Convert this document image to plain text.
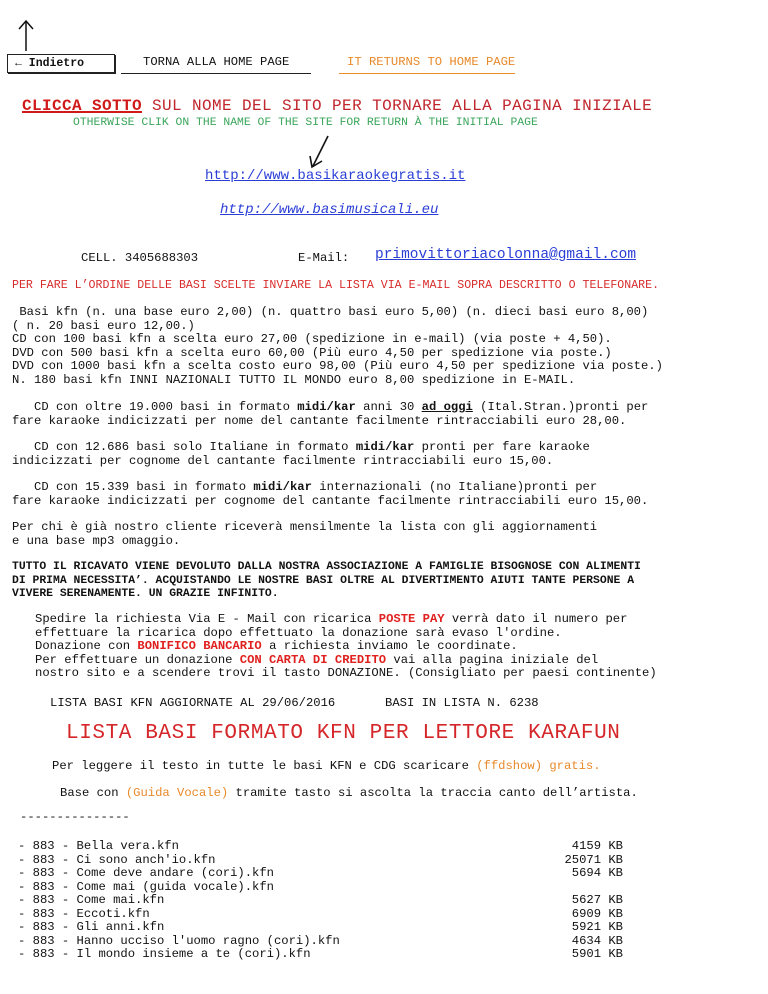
← Indietro	TORNA ALLA HOME PAGE	IT RETURNS TO HOME PAGE
CLICCA SOTTO SUL NOME DEL SITO PER TORNARE ALLA PAGINA INIZIALE
OTHERWISE CLIK ON THE NAME OF THE SITE FOR RETURN À THE INITIAL PAGE
http://www.basikaraokegratis.it
http://www.basimusicali.eu
CELL. 3405688303	E-Mail: primovittoriacolonna@gmail.com
PER FARE L’ORDINE DELLE BASI SCELTE INVIARE LA LISTA VIA E-MAIL SOPRA DESCRITTO O TELEFONARE.
Basi kfn (n. una base euro 2,00) (n. quattro basi euro 5,00) (n. dieci basi euro 8,00)
( n. 20 basi euro 12,00.)
CD con 100 basi kfn a scelta euro 27,00 (spedizione in e-mail) (via poste + 4,50).
DVD con 500 basi kfn a scelta euro 60,00 (Più euro 4,50 per spedizione via poste.)
DVD con 1000 basi kfn a scelta costo euro 98,00 (Più euro 4,50 per spedizione via poste.)
N. 180 basi kfn INNI NAZIONALI TUTTO IL MONDO euro 8,00 spedizione in E-MAIL.
CD con oltre 19.000 basi in formato midi/kar anni 30 ad oggi (Ital.Stran.)pronti per
fare karaoke indicizzati per nome del cantante facilmente rintracciabili euro 28,00.
CD con 12.686 basi solo Italiane in formato midi/kar pronti per fare karaoke
indicizzati per cognome del cantante facilmente rintracciabili euro 15,00.
CD con 15.339 basi in formato midi/kar internazionali (no Italiane)pronti per
fare karaoke indicizzati per cognome del cantante facilmente rintracciabili euro 15,00.
Per chi è già nostro cliente riceverà mensilmente la lista con gli aggiornamenti
e una base mp3 omaggio.
TUTTO IL RICAVATO VIENE DEVOLUTO DALLA NOSTRA ASSOCIAZIONE A FAMIGLIE BISOGNOSE CON ALIMENTI
DI PRIMA NECESSITA’. ACQUISTANDO LE NOSTRE BASI OLTRE AL DIVERTIMENTO AIUTI TANTE PERSONE A
VIVERE SERENAMENTE. UN GRAZIE INFINITO.
Spedire la richiesta Via E - Mail con ricarica POSTE PAY verrà dato il numero per
effettuare la ricarica dopo effettuato la donazione sarà evaso l'ordine.
Donazione con BONIFICO BANCARIO a richiesta inviamo le coordinate.
Per effettuare un donazione CON CARTA DI CREDITO vai alla pagina iniziale del
nostro sito e a scendere trovi il tasto DONAZIONE. (Consigliato per paesi continente)
LISTA BASI KFN AGGIORNATE AL 29/06/2016	BASI IN LISTA N. 6238
LISTA BASI FORMATO KFN PER LETTORE KARAFUN
Per leggere il testo in tutte le basi KFN e CDG scaricare (ffdshow) gratis.
Base con (Guida Vocale) tramite tasto si ascolta la traccia canto dell’artista.
---------------
- 883 - Bella vera.kfn	4159 KB
- 883 - Ci sono anch'io.kfn	25071 KB
- 883 - Come deve andare (cori).kfn	5694 KB
- 883 - Come mai (guida vocale).kfn
- 883 - Come mai.kfn	5627 KB
- 883 - Eccoti.kfn	6909 KB
- 883 - Gli anni.kfn	5921 KB
- 883 - Hanno ucciso l'uomo ragno (cori).kfn	4634 KB
- 883 - Il mondo insieme a te (cori).kfn	5901 KB
